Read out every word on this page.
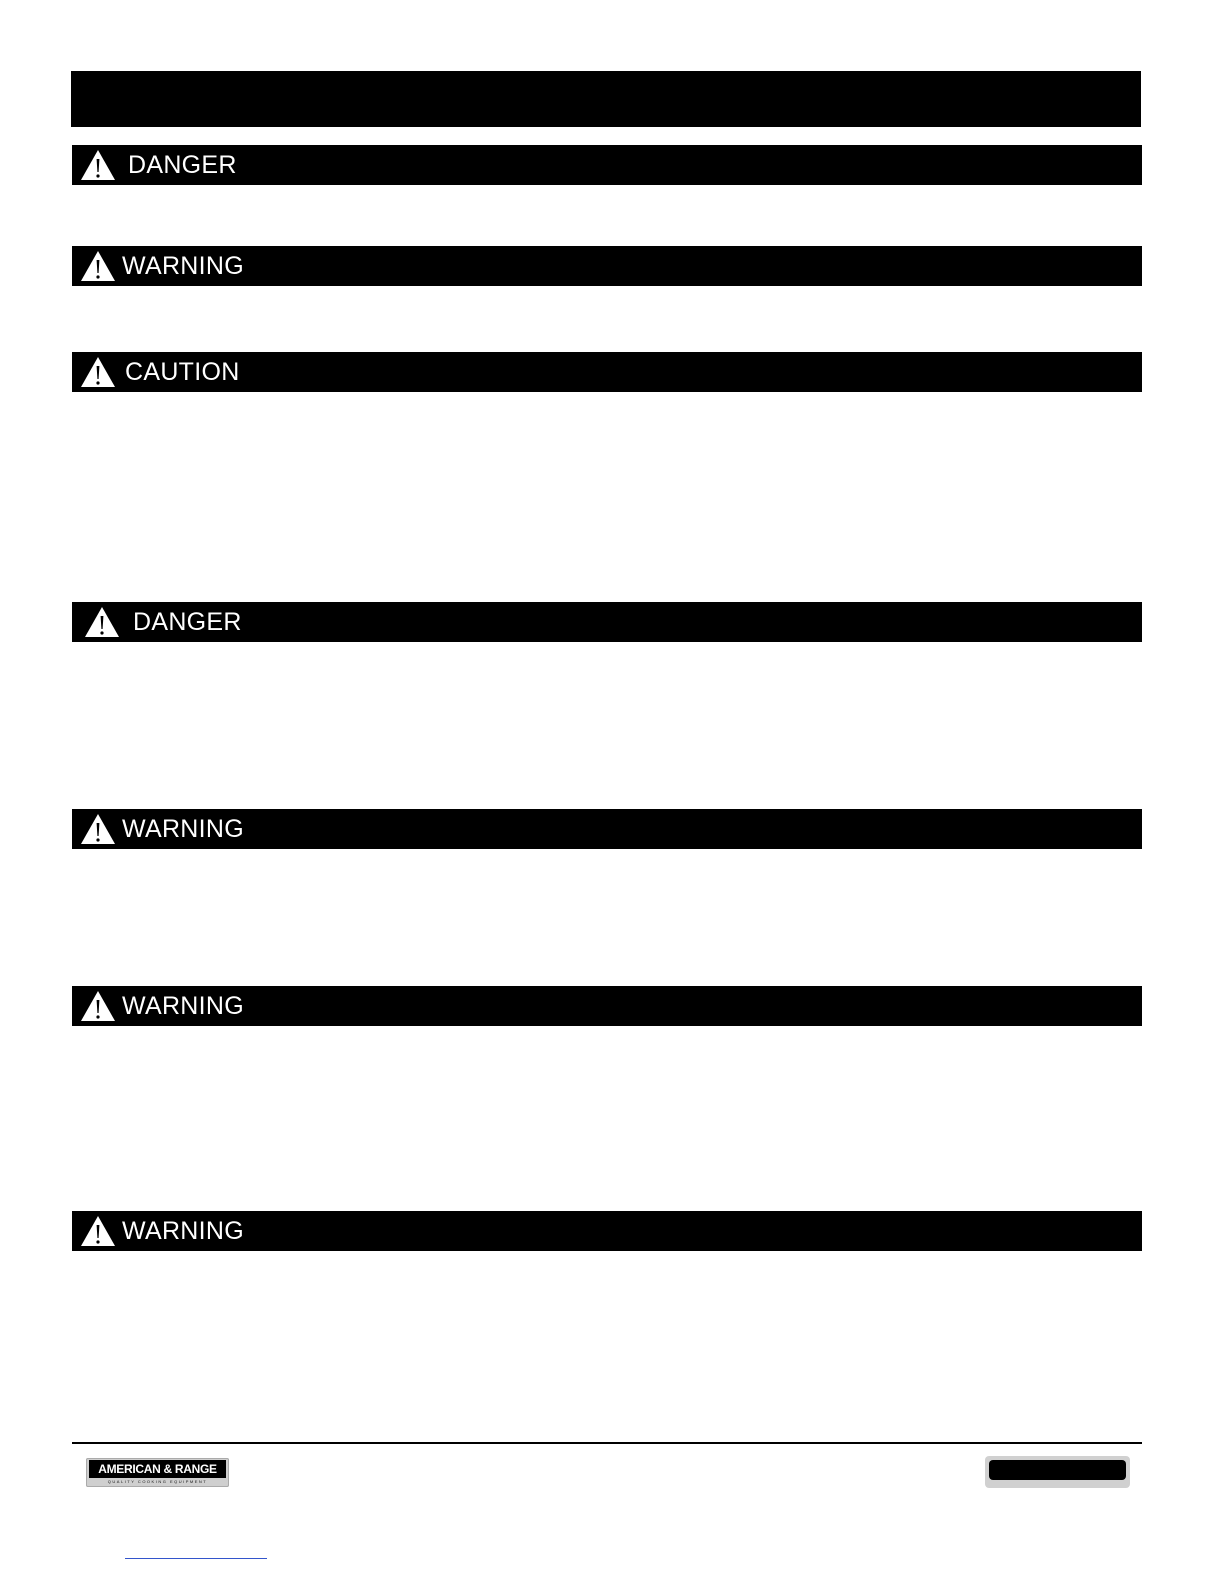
DANGER
WARNING
CAUTION
DANGER
WARNING
WARNING
WARNING
AMERICAN & RANGE
QUALITY COOKING EQUIPMENT
